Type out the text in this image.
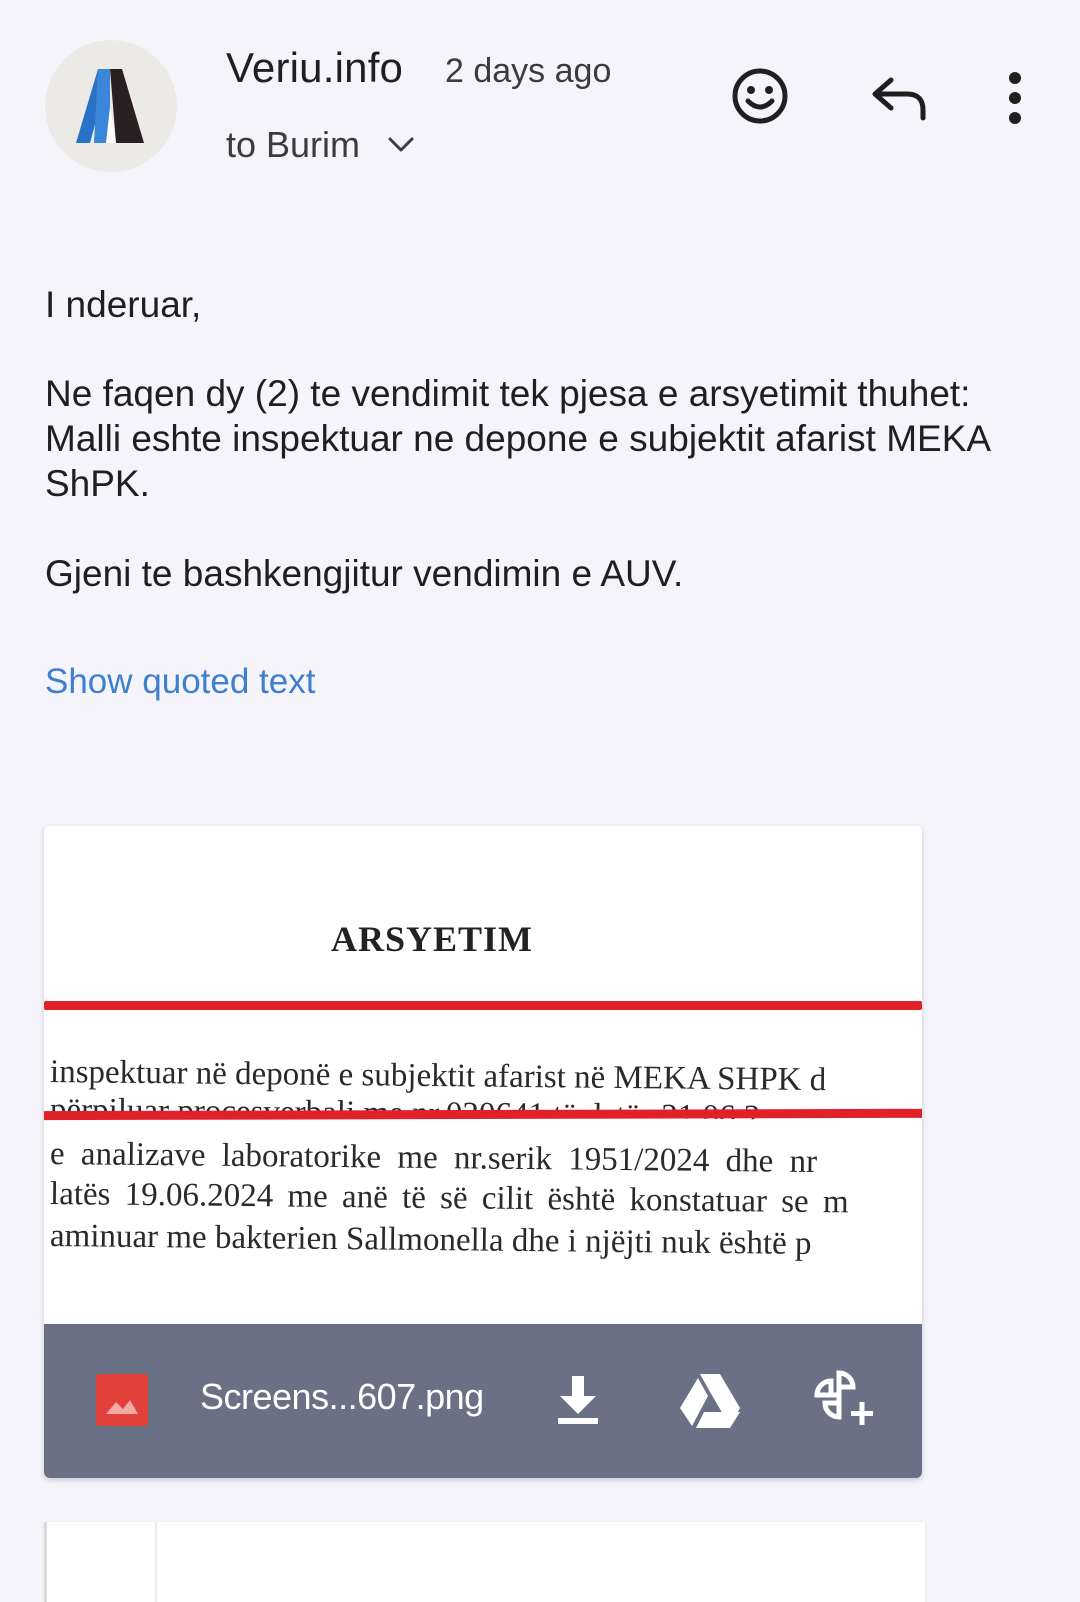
Veriu.info 2 days ago
to Burim

I nderuar,

Ne faqen dy (2) te vendimit tek pjesa e arsyetimit thuhet: Malli eshte inspektuar ne depone e subjektit afarist MEKA ShPK.

Gjeni te bashkengjitur vendimin e AUV.

Show quoted text
ARSYETIM
inspektuar në deponë e subjektit afarist në MEKA SHPK d
e analizave laboratorike me nr.serik 1951/2024 dhe nr
latës 19.06.2024 me anë të së cilit është konstatuar se m
aminuar me bakterien Sallmonella dhe i njëjti nuk është p
Screens...607.png
